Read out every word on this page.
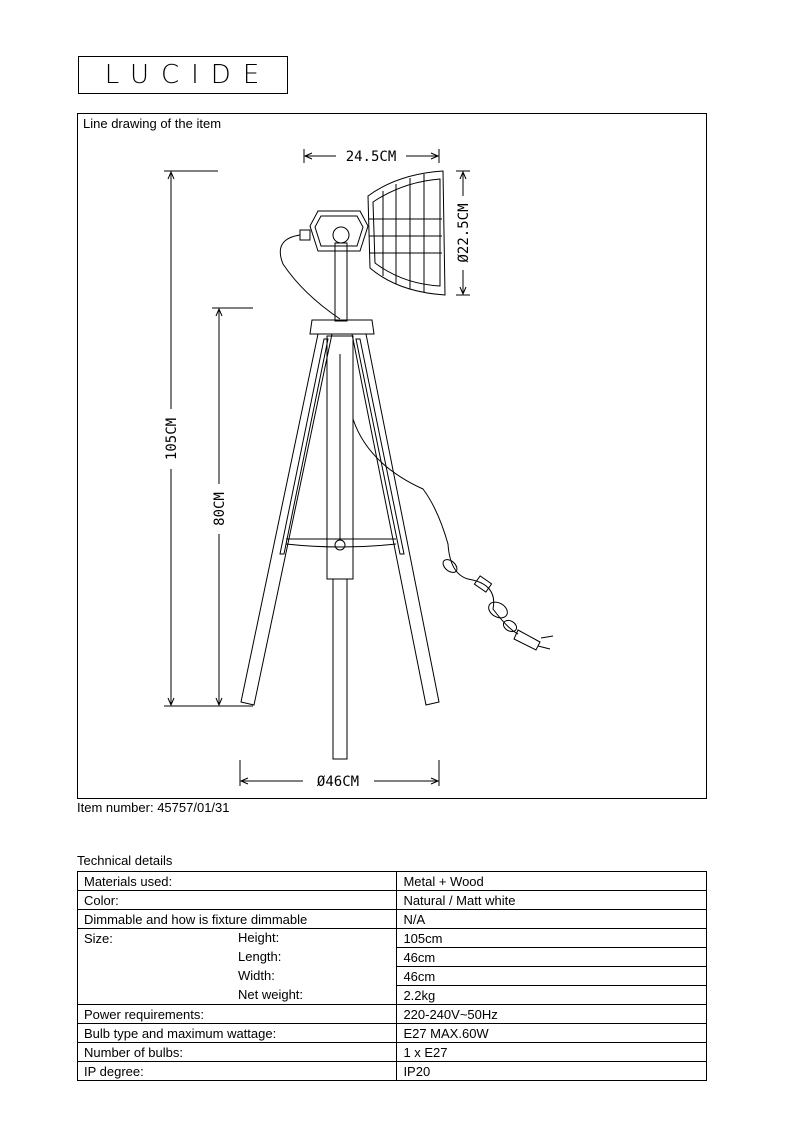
LUCIDE
Line drawing of the item
24.5CM
Ø22.5CM
105CM
80CM
Ø46CM
Item number: 45757/01/31
Technical details
Materials used:	Metal + Wood
Color:	Natural / Matt white
Dimmable and how is fixture dimmable	N/A
Size: Height:	105cm

Length:	46cm

Width:	46cm

Net weight:	2.2kg
Power requirements:	220-240V~50Hz
Bulb type and maximum wattage:	E27 MAX.60W
Number of bulbs:	1 x E27
IP degree:	IP20
